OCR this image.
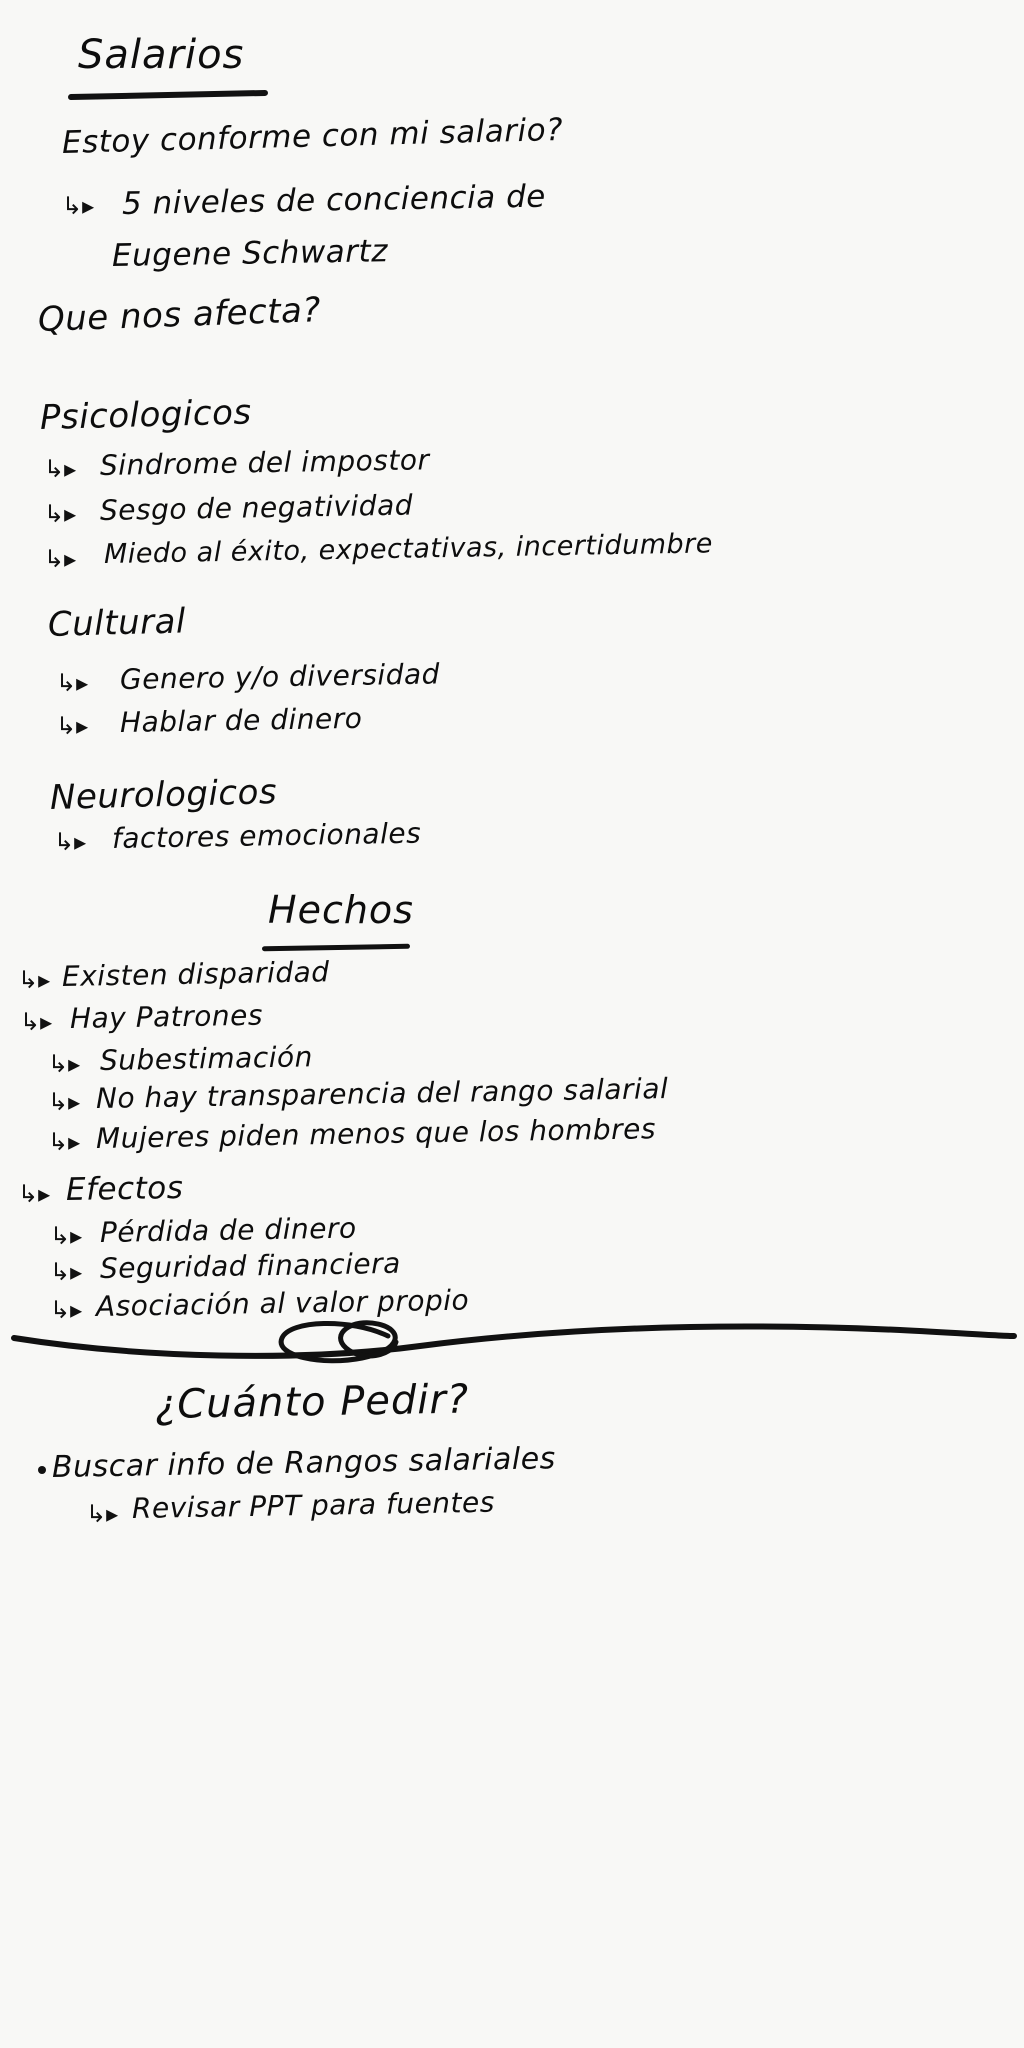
Salarios
Estoy conforme con mi salario?
↳▸ 5 niveles de conciencia de
Eugene Schwartz
Que nos afecta?
Psicologicos
↳▸ Sindrome del impostor
↳▸ Sesgo de negatividad
↳▸ Miedo al éxito, expectativas, incertidumbre
Cultural
↳▸ Genero y/o diversidad
↳▸ Hablar de dinero
Neurologicos
↳▸ factores emocionales
Hechos
↳▸ Existen disparidad
↳▸ Hay Patrones
↳▸ Subestimación
↳▸ No hay transparencia del rango salarial
↳▸ Mujeres piden menos que los hombres
↳▸ Efectos
↳▸ Pérdida de dinero
↳▸ Seguridad financiera
↳▸ Asociación al valor propio
¿Cuánto Pedir?
Buscar info de Rangos salariales
↳▸ Revisar PPT para fuentes
